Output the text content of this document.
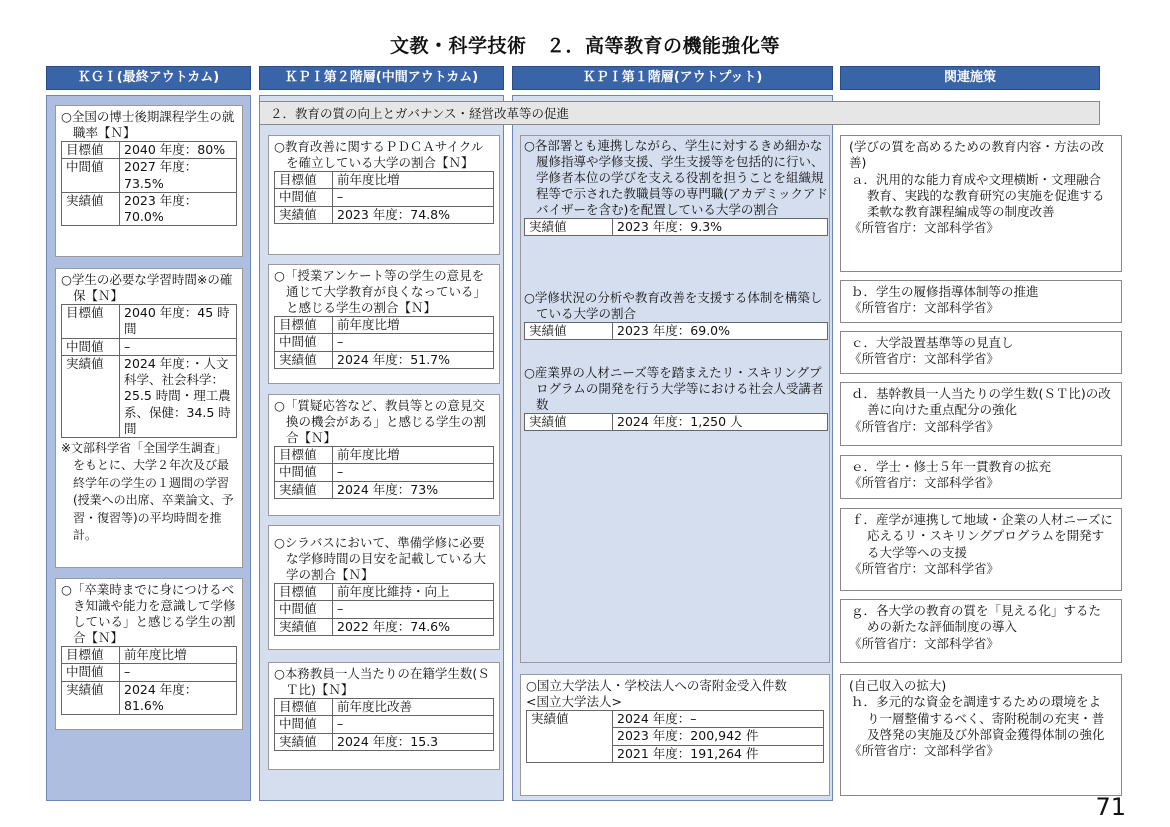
文教・科学技術　２．高等教育の機能強化等
ＫＧＩ(最終アウトカム)	ＫＰＩ第２階層(中間アウトカム)	ＫＰＩ第１階層(アウトプット)	関連施策
２．教育の質の向上とガバナンス・経営改革等の促進

○全国の博士後期課程学生の就職率【Ｎ】

目標値	2040 年度：80%
中間値	2027 年度：73.5%
実績値	2023 年度：70.0%

○学生の必要な学習時間※の確保【Ｎ】

目標値	2040 年度：45 時間
中間値	–
実績値	2024 年度：・人文科学、社会科学：25.5 時間・理工農系、保健：34.5 時間

※文部科学省「全国学生調査」をもとに、大学２年次及び最終学年の学生の１週間の学習(授業への出席、卒業論文、予習・復習等)の平均時間を推計。

○「卒業時までに身につけるべき知識や能力を意識して学修している」と感じる学生の割合【Ｎ】

目標値	前年度比増
中間値	–
実績値	2024 年度：81.6%

○教育改善に関するＰＤＣＡサイクルを確立している大学の割合【Ｎ】

目標値	前年度比増
中間値	–
実績値	2023 年度：74.8%

○「授業アンケート等の学生の意見を通じて大学教育が良くなっている」と感じる学生の割合【Ｎ】

目標値	前年度比増
中間値	–
実績値	2024 年度：51.7%

○「質疑応答など、教員等との意見交換の機会がある」と感じる学生の割合【Ｎ】

目標値	前年度比増
中間値	–
実績値	2024 年度：73%

○シラバスにおいて、準備学修に必要な学修時間の目安を記載している大学の割合【Ｎ】

目標値	前年度比維持・向上
中間値	–
実績値	2022 年度：74.6%

○本務教員一人当たりの在籍学生数(ＳＴ比)【Ｎ】

目標値	前年度比改善
中間値	–
実績値	2024 年度：15.3

○各部署とも連携しながら、学生に対するきめ細かな履修指導や学修支援、学生支援等を包括的に行い、学修者本位の学びを支える役割を担うことを組織規程等で示された教職員等の専門職(アカデミックアドバイザーを含む)を配置している大学の割合

実績値	2023 年度：9.3%

○学修状況の分析や教育改善を支援する体制を構築している大学の割合

実績値	2023 年度：69.0%

○産業界の人材ニーズ等を踏まえたリ・スキリングプログラムの開発を行う大学等における社会人受講者数

実績値	2024 年度：1,250 人

○国立大学法人・学校法人への寄附金受入件数

<国立大学法人>

実績値	2024 年度：–
2023 年度：200,942 件
2021 年度：191,264 件

(学びの質を高めるための教育内容・方法の改善)

ａ．汎用的な能力育成や文理横断・文理融合教育、実践的な教育研究の実施を促進する柔軟な教育課程編成等の制度改善

《所管省庁：文部科学省》

ｂ．学生の履修指導体制等の推進

《所管省庁：文部科学省》

ｃ．大学設置基準等の見直し

《所管省庁：文部科学省》

ｄ．基幹教員一人当たりの学生数(ＳＴ比)の改善に向けた重点配分の強化

《所管省庁：文部科学省》

ｅ．学士・修士５年一貫教育の拡充

《所管省庁：文部科学省》

ｆ．産学が連携して地域・企業の人材ニーズに応えるリ・スキリングプログラムを開発する大学等への支援

《所管省庁：文部科学省》

ｇ．各大学の教育の質を「見える化」するための新たな評価制度の導入

《所管省庁：文部科学省》

(自己収入の拡大)

ｈ．多元的な資金を調達するための環境をより一層整備するべく、寄附税制の充実・普及啓発の実施及び外部資金獲得体制の強化

《所管省庁：文部科学省》

71
